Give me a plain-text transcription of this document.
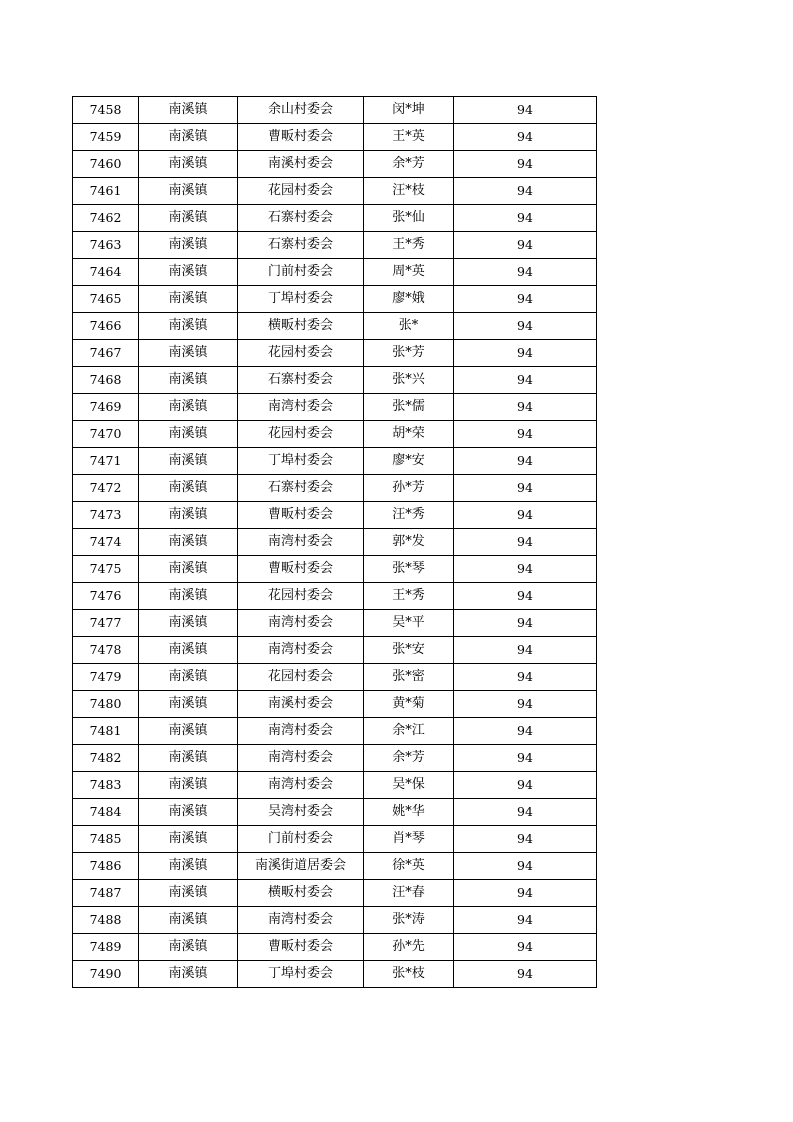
7458	南溪镇	余山村委会	闵*坤	94
7459	南溪镇	曹畈村委会	王*英	94
7460	南溪镇	南溪村委会	余*芳	94
7461	南溪镇	花园村委会	汪*枝	94
7462	南溪镇	石寨村委会	张*仙	94
7463	南溪镇	石寨村委会	王*秀	94
7464	南溪镇	门前村委会	周*英	94
7465	南溪镇	丁埠村委会	廖*娥	94
7466	南溪镇	横畈村委会	张*	94
7467	南溪镇	花园村委会	张*芳	94
7468	南溪镇	石寨村委会	张*兴	94
7469	南溪镇	南湾村委会	张*儒	94
7470	南溪镇	花园村委会	胡*荣	94
7471	南溪镇	丁埠村委会	廖*安	94
7472	南溪镇	石寨村委会	孙*芳	94
7473	南溪镇	曹畈村委会	汪*秀	94
7474	南溪镇	南湾村委会	郭*发	94
7475	南溪镇	曹畈村委会	张*琴	94
7476	南溪镇	花园村委会	王*秀	94
7477	南溪镇	南湾村委会	吴*平	94
7478	南溪镇	南湾村委会	张*安	94
7479	南溪镇	花园村委会	张*密	94
7480	南溪镇	南溪村委会	黄*菊	94
7481	南溪镇	南湾村委会	余*江	94
7482	南溪镇	南湾村委会	余*芳	94
7483	南溪镇	南湾村委会	吴*保	94
7484	南溪镇	吴湾村委会	姚*华	94
7485	南溪镇	门前村委会	肖*琴	94
7486	南溪镇	南溪街道居委会	徐*英	94
7487	南溪镇	横畈村委会	汪*春	94
7488	南溪镇	南湾村委会	张*涛	94
7489	南溪镇	曹畈村委会	孙*先	94
7490	南溪镇	丁埠村委会	张*枝	94
